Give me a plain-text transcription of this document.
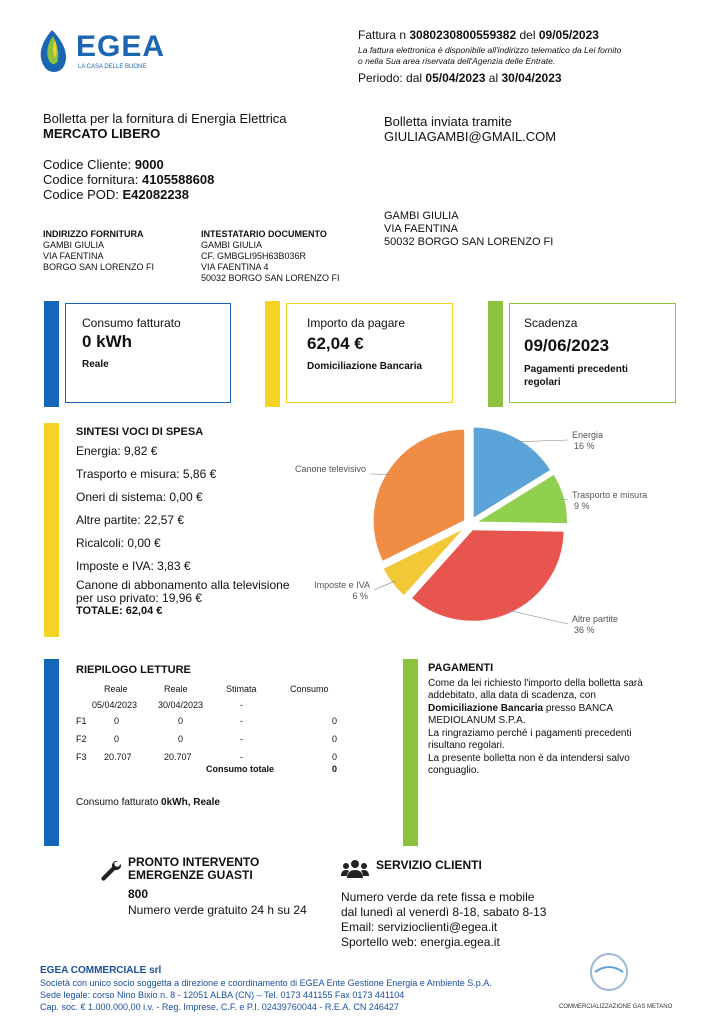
EGEA
LA CASA DELLE BUONE
Fattura n 3080230800559382 del 09/05/2023
La fattura elettronica è disponibile all'indirizzo telematico da Lei fornito
o nella Sua area riservata dell'Agenzia delle Entrate.
Periodo: dal 05/04/2023 al 30/04/2023
Bolletta per la fornitura di Energia Elettrica
MERCATO LIBERO
Codice Cliente: 9000
Codice fornitura: 4105588608
Codice POD: E42082238
Bolletta inviata tramite
GIULIAGAMBI@GMAIL.COM
INDIRIZZO FORNITURA
GAMBI GIULIA
VIA FAENTINA
BORGO SAN LORENZO FI
INTESTATARIO DOCUMENTO
GAMBI GIULIA
CF. GMBGLI95H63B036R
VIA FAENTINA 4
50032 BORGO SAN LORENZO FI
GAMBI GIULIA
VIA FAENTINA
50032 BORGO SAN LORENZO FI
Consumo fatturato
0 kWh
Reale
Importo da pagare
62,04 €
Domiciliazione Bancaria
Scadenza
09/06/2023
Pagamenti precedenti
regolari
SINTESI VOCI DI SPESA
Energia: 9,82 €
Trasporto e misura: 5,86 €
Oneri di sistema: 0,00 €
Altre partite: 22,57 €
Ricalcoli: 0,00 €
Imposte e IVA: 3,83 €
Canone di abbonamento alla televisione
per uso privato: 19,96 €
TOTALE: 62,04 €
Energia
16 %
Trasporto e misura
9 %
Altre partite
36 %
Imposte e IVA
6 %
Canone televisivo
RIEPILOGO LETTURE
Reale	Reale	Stimata	Consumo
05/04/2023 30/04/2023	-
F1	0	0	-	0
F2	0	0	-	0
F3 20.707	20.707	-	0
Consumo totale	0
Consumo fatturato 0kWh, Reale
PAGAMENTI
Come da lei richiesto l'importo della bolletta sarà
addebitato, alla data di scadenza, con
Domiciliazione Bancaria presso BANCA
MEDIOLANUM S.P.A.
La ringraziamo perché i pagamenti precedenti
risultano regolari.
La presente bolletta non è da intendersi salvo
conguaglio.
PRONTO INTERVENTO
EMERGENZE GUASTI
800
Numero verde gratuito 24 h su 24
SERVIZIO CLIENTI
Numero verde da rete fissa e mobile
dal lunedì al venerdì 8-18, sabato 8-13
Email: servizioclienti@egea.it
Sportello web: energia.egea.it
EGEA COMMERCIALE srl
Società con unico socio soggetta a direzione e coordinamento di EGEA Ente Gestione Energia e Ambiente S.p.A.
Sede legale: corso Nino Bixio n. 8 - 12051 ALBA (CN) – Tel. 0173 441155 Fax 0173 441104
Cap. soc. € 1.000.000,00 i.v. - Reg. Imprese, C.F. e P.I. 02439760044 - R.E.A. CN 246427	COMMERCIALIZZAZIONE GAS METANO
